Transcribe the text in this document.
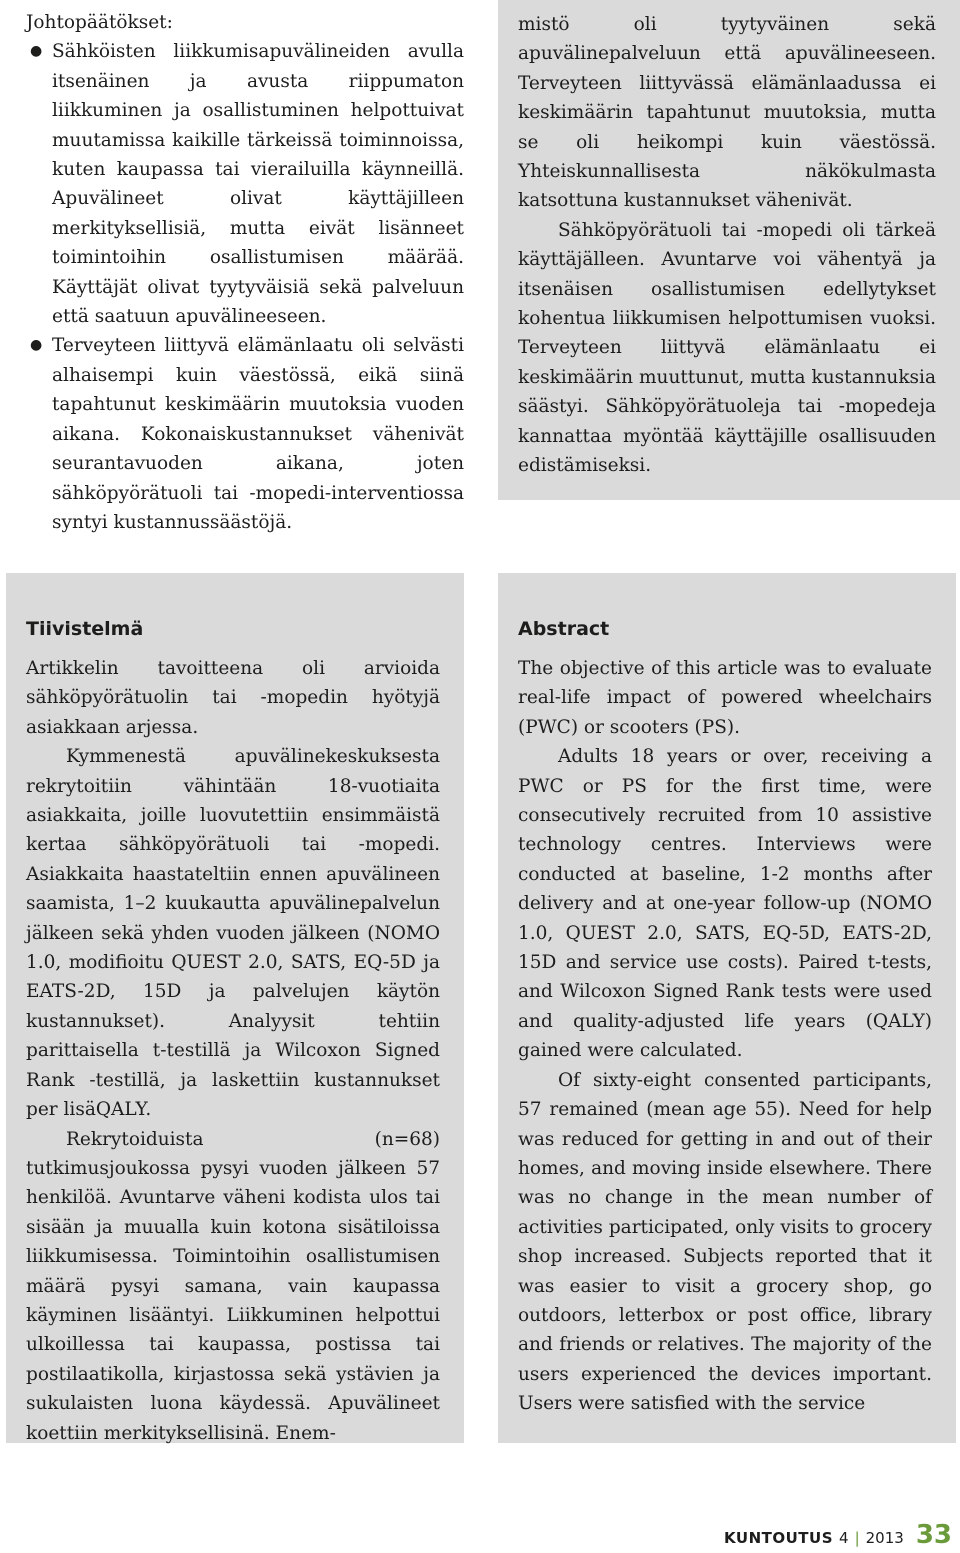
Johtopäätökset:

● Sähköisten liikkumisapuvälineiden avulla itsenäinen ja avusta riippumaton liikkuminen ja osallistuminen helpottuivat muutamissa kaikille tärkeissä toiminnoissa, kuten kaupassa tai vierailuilla käynneillä. Apuvälineet olivat käyttäjilleen merkityksellisiä, mutta eivät lisänneet toimintoihin osallistumisen määrää. Käyttäjät olivat tyytyväisiä sekä palveluun että saatuun apuvälineeseen.
● Terveyteen liittyvä elämänlaatu oli selvästi alhaisempi kuin väestössä, eikä siinä tapahtunut keskimäärin muutoksia vuoden aikana. Kokonaiskustannukset vähenivät seurantavuoden aikana, joten sähköpyörätuoli tai -mopedi-interventiossa syntyi kustannussäästöjä.

mistö oli tyytyväinen sekä apuvälinepalveluun että apuvälineeseen. Terveyteen liittyvässä elämänlaadussa ei keskimäärin tapahtunut muutoksia, mutta se oli heikompi kuin väestössä. Yhteiskunnallisesta näkökulmasta katsottuna kustannukset vähenivät.

Sähköpyörätuoli tai -mopedi oli tärkeä käyttäjälleen. Avuntarve voi vähentyä ja itsenäisen osallistumisen edellytykset kohentua liikkumisen helpottumisen vuoksi. Terveyteen liittyvä elämänlaatu ei keskimäärin muuttunut, mutta kustannuksia säästyi. Sähköpyörätuoleja tai -mopedeja kannattaa myöntää käyttäjille osallisuuden edistämiseksi.

Tiivistelmä

Artikkelin tavoitteena oli arvioida sähköpyörätuolin tai -mopedin hyötyjä asiakkaan arjessa.

Kymmenestä apuvälinekeskuksesta rekrytoitiin vähintään 18-vuotiaita asiakkaita, joille luovutettiin ensimmäistä kertaa sähköpyörätuoli tai -mopedi. Asiakkaita haastateltiin ennen apuvälineen saamista, 1–2 kuukautta apuvälinepalvelun jälkeen sekä yhden vuoden jälkeen (NOMO 1.0, modifioitu QUEST 2.0, SATS, EQ-5D ja EATS-2D, 15D ja palvelujen käytön kustannukset). Analyysit tehtiin parittaisella t-testillä ja Wilcoxon Signed Rank -testillä, ja laskettiin kustannukset per lisäQALY.

Rekrytoiduista (n=68) tutkimusjoukossa pysyi vuoden jälkeen 57 henkilöä. Avuntarve väheni kodista ulos tai sisään ja muualla kuin kotona sisätiloissa liikkumisessa. Toimintoihin osallistumisen määrä pysyi samana, vain kaupassa käyminen lisääntyi. Liikkuminen helpottui ulkoillessa tai kaupassa, postissa tai postilaatikolla, kirjastossa sekä ystävien ja sukulaisten luona käydessä. Apuvälineet koettiin merkityksellisinä. Enem-

Abstract

The objective of this article was to evaluate real-life impact of powered wheelchairs (PWC) or scooters (PS).

Adults 18 years or over, receiving a PWC or PS for the first time, were consecutively recruited from 10 assistive technology centres. Interviews were conducted at baseline, 1-2 months after delivery and at one-year follow-up (NOMO 1.0, QUEST 2.0, SATS, EQ-5D, EATS-2D, 15D and service use costs). Paired t-tests, and Wilcoxon Signed Rank tests were used and quality-adjusted life years (QALY) gained were calculated.

Of sixty-eight consented participants, 57 remained (mean age 55). Need for help was reduced for getting in and out of their homes, and moving inside elsewhere. There was no change in the mean number of activities participated, only visits to grocery shop increased. Subjects reported that it was easier to visit a grocery shop, go outdoors, letterbox or post office, library and friends or relatives. The majority of the users experienced the devices important. Users were satisfied with the service

KUNTOUTUS 4 | 2013 33
